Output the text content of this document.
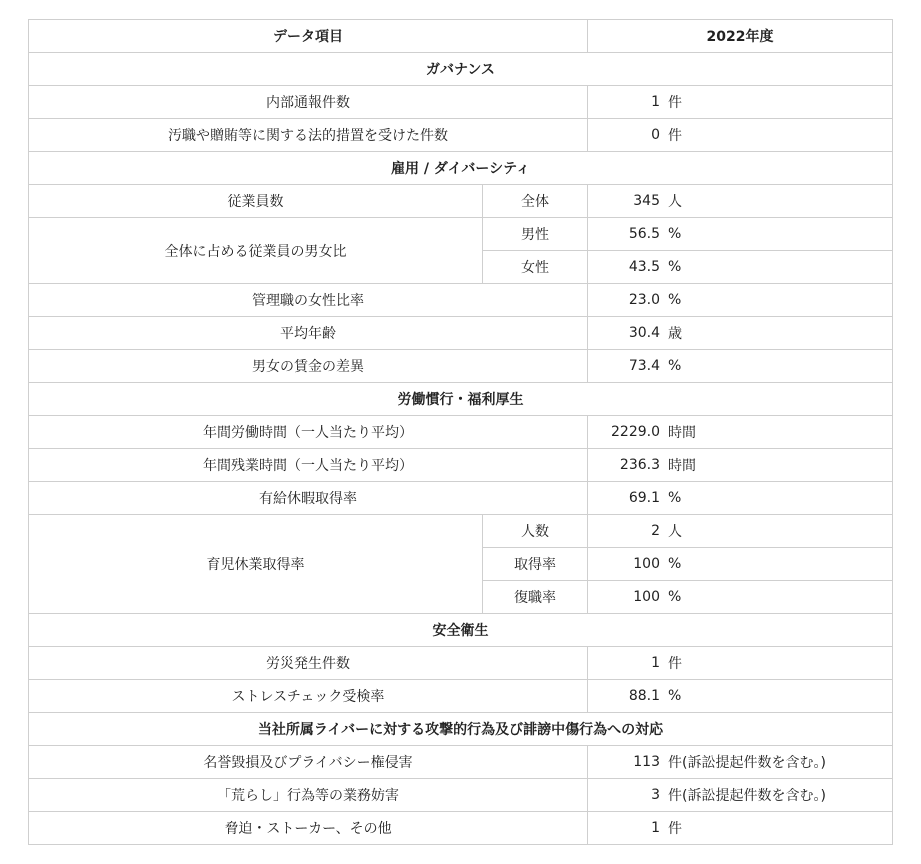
データ項目		2022年度
ガバナンス		
内部通報件数		1 件

汚職や贈賄等に関する法的措置を受けた件数		0 件

雇用 / ダイバーシティ		
従業員数	全体	345 人

全体に占める従業員の男女比	男性	56.5 %

	女性	43.5 %

管理職の女性比率		23.0 %

平均年齢		30.4 歳

男女の賃金の差異		73.4 %

労働慣行・福利厚生		
年間労働時間（一人当たり平均）		2229.0 時間

年間残業時間（一人当たり平均）		236.3 時間

有給休暇取得率		69.1 %

育児休業取得率	人数	2 人

	取得率	100 %

	復職率	100 %

安全衛生		
労災発生件数		1 件

ストレスチェック受検率		88.1 %

当社所属ライバーに対する攻撃的行為及び誹謗中傷行為への対応		
名誉毀損及びプライバシー権侵害		113 件(訴訟提起件数を含む。)

「荒らし」行為等の業務妨害		3 件(訴訟提起件数を含む。)

脅迫・ストーカー、その他		1 件
